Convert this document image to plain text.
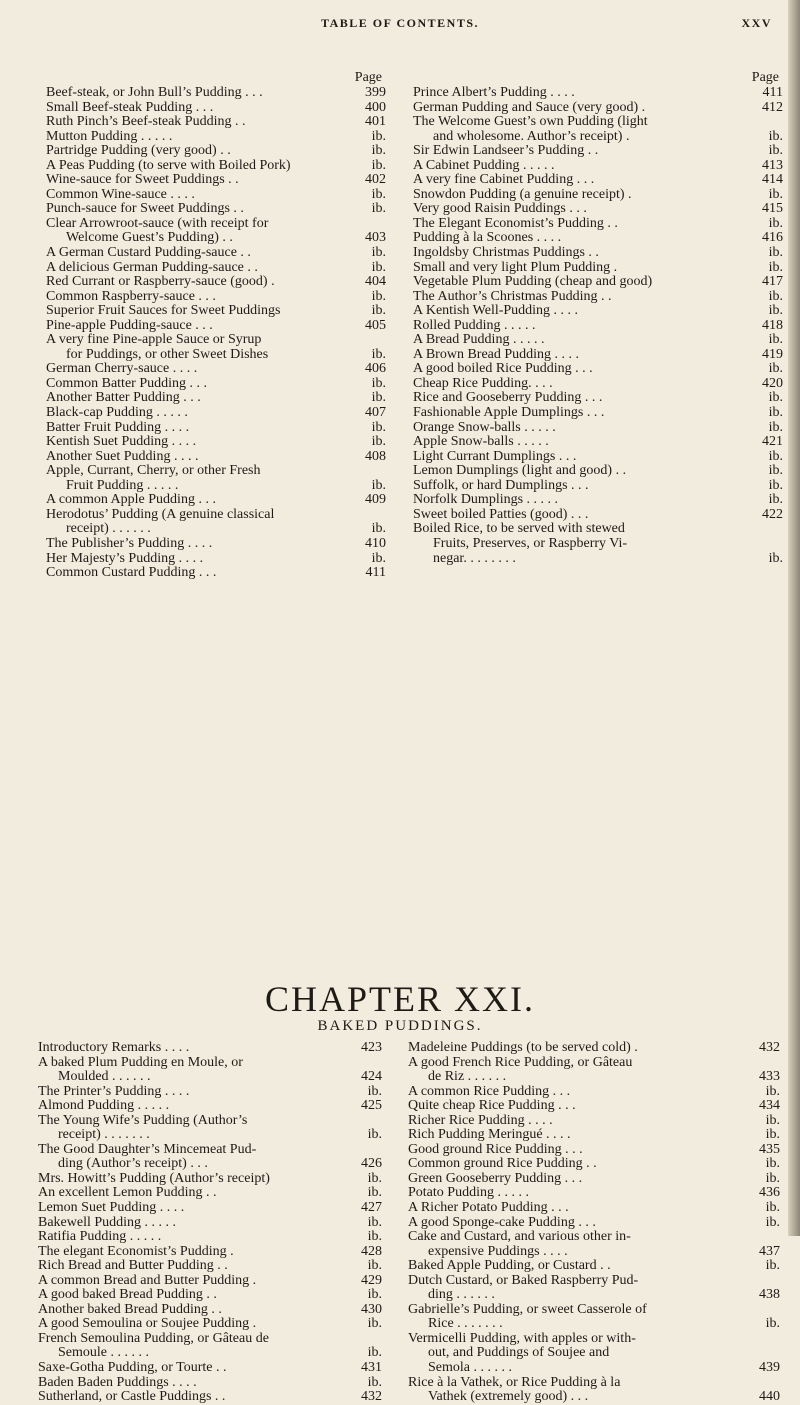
TABLE OF CONTENTS.	XXV
Page
Beef-steak, or John Bull’s Pudding . . .	399
Small Beef-steak Pudding . . .	400
Ruth Pinch’s Beef-steak Pudding . .	401
Mutton Pudding . . . . .	ib.
Partridge Pudding (very good) . .	ib.
A Peas Pudding (to serve with Boiled Pork)	ib.
Wine-sauce for Sweet Puddings . .	402
Common Wine-sauce . . . .	ib.
Punch-sauce for Sweet Puddings . .	ib.
Clear Arrowroot-sauce (with receipt for
Welcome Guest’s Pudding) . .	403
A German Custard Pudding-sauce . .	ib.
A delicious German Pudding-sauce . .	ib.
Red Currant or Raspberry-sauce (good) .	404
Common Raspberry-sauce . . .	ib.
Superior Fruit Sauces for Sweet Puddings	ib.
Pine-apple Pudding-sauce . . .	405
A very fine Pine-apple Sauce or Syrup
for Puddings, or other Sweet Dishes	ib.
German Cherry-sauce . . . .	406
Common Batter Pudding . . .	ib.
Another Batter Pudding . . .	ib.
Black-cap Pudding . . . . .	407
Batter Fruit Pudding . . . .	ib.
Kentish Suet Pudding . . . .	ib.
Another Suet Pudding . . . .	408
Apple, Currant, Cherry, or other Fresh
Fruit Pudding . . . . .	ib.
A common Apple Pudding . . .	409
Herodotus’ Pudding (A genuine classical
receipt) . . . . . .	ib.
The Publisher’s Pudding . . . .	410
Her Majesty’s Pudding . . . .	ib.
Common Custard Pudding . . .	411
Page
Prince Albert’s Pudding . . . .	411
German Pudding and Sauce (very good) .	412
The Welcome Guest’s own Pudding (light
and wholesome. Author’s receipt) .	ib.
Sir Edwin Landseer’s Pudding . .	ib.
A Cabinet Pudding . . . . .	413
A very fine Cabinet Pudding . . .	414
Snowdon Pudding (a genuine receipt) .	ib.
Very good Raisin Puddings . . .	415
The Elegant Economist’s Pudding . .	ib.
Pudding à la Scoones . . . .	416
Ingoldsby Christmas Puddings . .	ib.
Small and very light Plum Pudding .	ib.
Vegetable Plum Pudding (cheap and good)	417
The Author’s Christmas Pudding . .	ib.
A Kentish Well-Pudding . . . .	ib.
Rolled Pudding . . . . .	418
A Bread Pudding . . . . .	ib.
A Brown Bread Pudding . . . .	419
A good boiled Rice Pudding . . .	ib.
Cheap Rice Pudding. . . .	420
Rice and Gooseberry Pudding . . .	ib.
Fashionable Apple Dumplings . . .	ib.
Orange Snow-balls . . . . .	ib.
Apple Snow-balls . . . . .	421
Light Currant Dumplings . . .	ib.
Lemon Dumplings (light and good) . .	ib.
Suffolk, or hard Dumplings . . .	ib.
Norfolk Dumplings . . . . .	ib.
Sweet boiled Patties (good) . . .	422
Boiled Rice, to be served with stewed
Fruits, Preserves, or Raspberry Vi-
negar. . . . . . . .	ib.
CHAPTER XXI.
BAKED PUDDINGS.
Introductory Remarks . . . .	423
A baked Plum Pudding en Moule, or
Moulded . . . . . .	424
The Printer’s Pudding . . . .	ib.
Almond Pudding . . . . .	425
The Young Wife’s Pudding (Author’s
receipt) . . . . . . .	ib.
The Good Daughter’s Mincemeat Pud-
ding (Author’s receipt) . . .	426
Mrs. Howitt’s Pudding (Author’s receipt)	ib.
An excellent Lemon Pudding . .	ib.
Lemon Suet Pudding . . . .	427
Bakewell Pudding . . . . .	ib.
Ratifia Pudding . . . . .	ib.
The elegant Economist’s Pudding .	428
Rich Bread and Butter Pudding . .	ib.
A common Bread and Butter Pudding .	429
A good baked Bread Pudding . .	ib.
Another baked Bread Pudding . .	430
A good Semoulina or Soujee Pudding .	ib.
French Semoulina Pudding, or Gâteau de
Semoule . . . . . .	ib.
Saxe-Gotha Pudding, or Tourte . .	431
Baden Baden Puddings . . . .	ib.
Sutherland, or Castle Puddings . .	432
Madeleine Puddings (to be served cold) .	432
A good French Rice Pudding, or Gâteau
de Riz . . . . . .	433
A common Rice Pudding . . .	ib.
Quite cheap Rice Pudding . . .	434
Richer Rice Pudding . . . .	ib.
Rich Pudding Meringué . . . .	ib.
Good ground Rice Pudding . . .	435
Common ground Rice Pudding . .	ib.
Green Gooseberry Pudding . . .	ib.
Potato Pudding . . . . .	436
A Richer Potato Pudding . . .	ib.
A good Sponge-cake Pudding . . .	ib.
Cake and Custard, and various other in-
expensive Puddings . . . .	437
Baked Apple Pudding, or Custard . .	ib.
Dutch Custard, or Baked Raspberry Pud-
ding . . . . . .	438
Gabrielle’s Pudding, or sweet Casserole of
Rice . . . . . . .	ib.
Vermicelli Pudding, with apples or with-
out, and Puddings of Soujee and
Semola . . . . . .	439
Rice à la Vathek, or Rice Pudding à la
Vathek (extremely good) . . .	440
